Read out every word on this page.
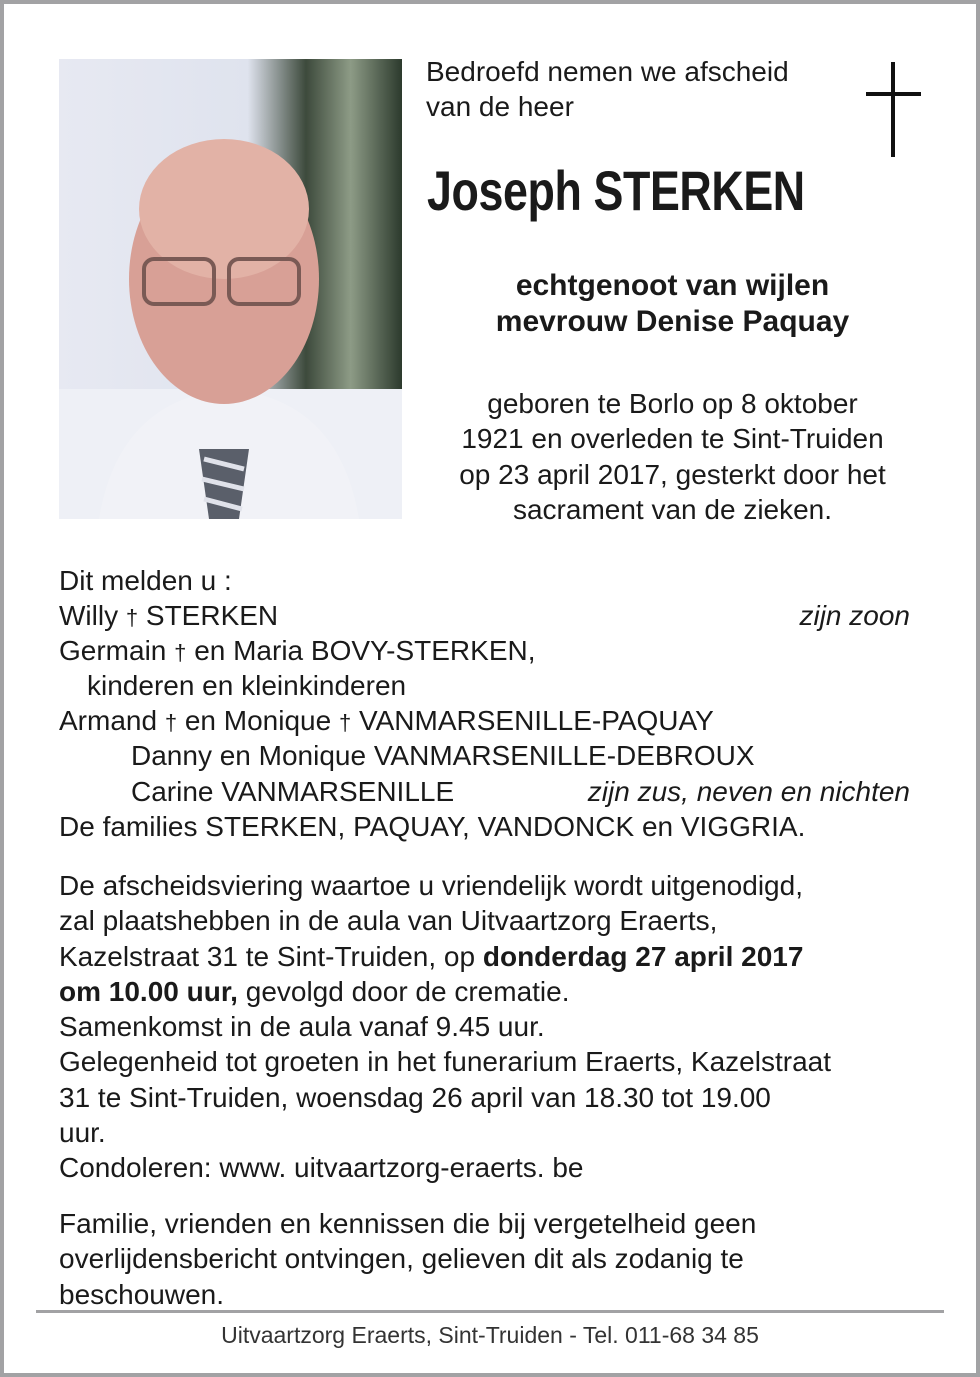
Bedroefd nemen we afscheid
van de heer
Joseph STERKEN
echtgenoot van wijlen
mevrouw Denise Paquay
geboren te Borlo op 8 oktober
1921 en overleden te Sint-Truiden
op 23 april 2017, gesterkt door het
sacrament van de zieken.
Dit melden u :
Willy † STERKEN	zijn zoon
Germain † en Maria BOVY-STERKEN,
kinderen en kleinkinderen
Armand † en Monique † VANMARSENILLE-PAQUAY
Danny en Monique VANMARSENILLE-DEBROUX
Carine VANMARSENILLE	zijn zus, neven en nichten
De families STERKEN, PAQUAY, VANDONCK en VIGGRIA.
De afscheidsviering waartoe u vriendelijk wordt uitgenodigd,
zal plaatshebben in de aula van Uitvaartzorg Eraerts,
Kazelstraat 31 te Sint-Truiden, op donderdag 27 april 2017
om 10.00 uur, gevolgd door de crematie.
Samenkomst in de aula vanaf 9.45 uur.
Gelegenheid tot groeten in het funerarium Eraerts, Kazelstraat
31 te Sint-Truiden, woensdag 26 april van 18.30 tot 19.00
uur.
Condoleren: www. uitvaartzorg-eraerts. be
Familie, vrienden en kennissen die bij vergetelheid geen
overlijdensbericht ontvingen, gelieven dit als zodanig te
beschouwen.
Uitvaartzorg Eraerts, Sint-Truiden - Tel. 011-68 34 85
